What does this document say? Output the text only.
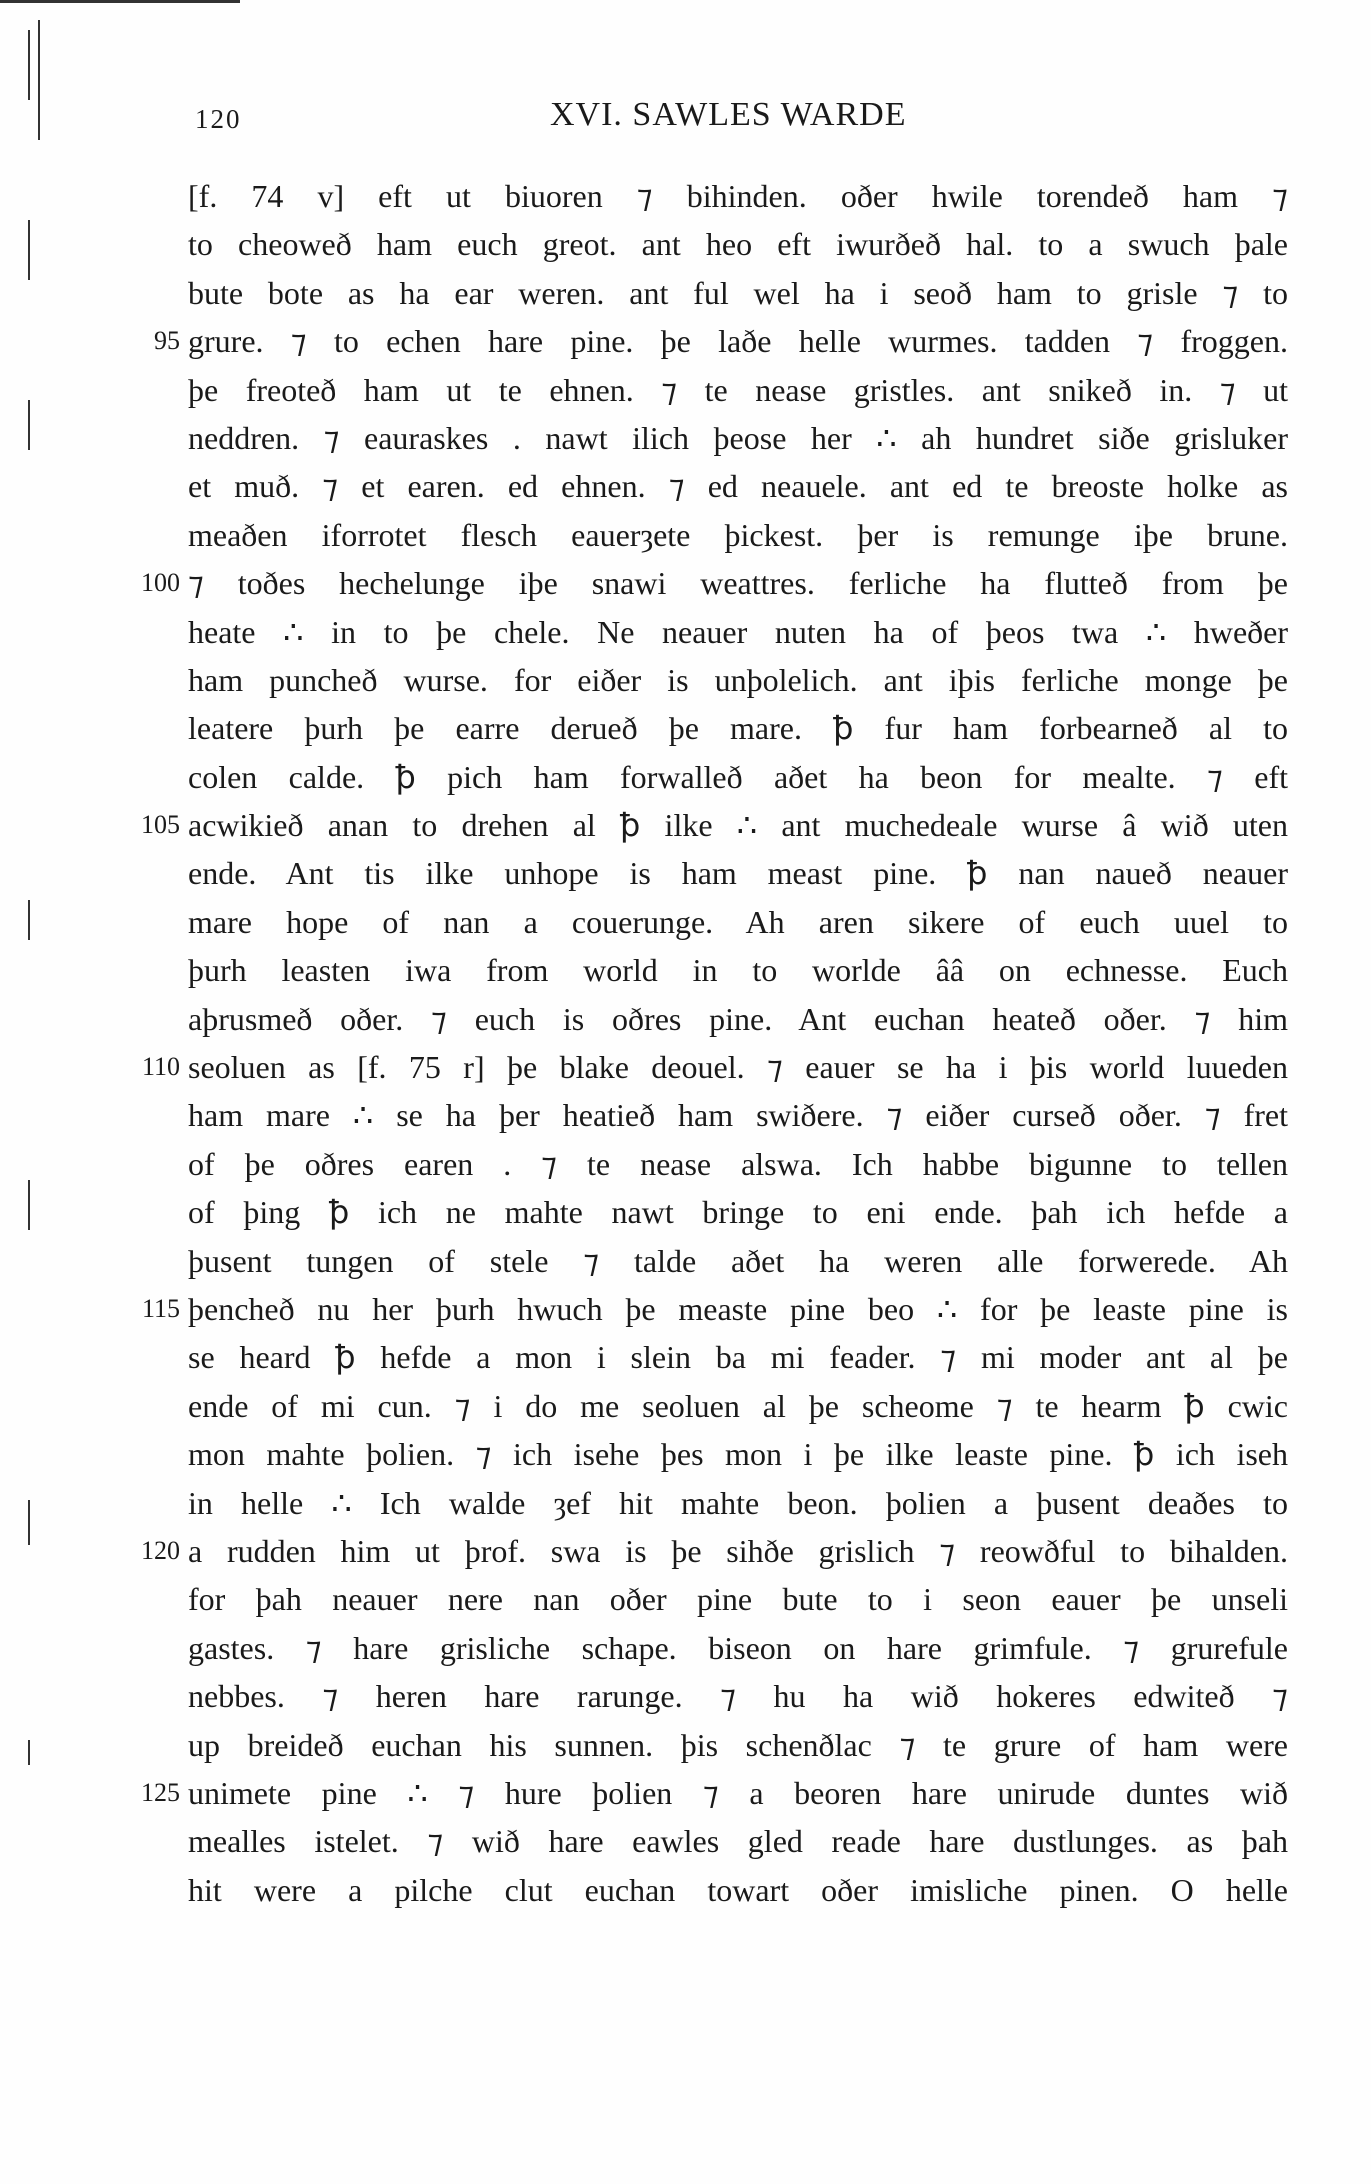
120	XVI. SAWLES WARDE
[f. 74 v] eft ut biuoren ⁊ bihinden. oðer hwile torendeð ham ⁊
to cheoweð ham euch greot. ant heo eft iwurðeð hal. to a swuch þale
bute bote as ha ear weren. ant ful wel ha i seoð ham to grisle ⁊ to
95 grure. ⁊ to echen hare pine. þe laðe helle wurmes. tadden ⁊ froggen.
þe freoteð ham ut te ehnen. ⁊ te nease gristles. ant snikeð in. ⁊ ut
neddren. ⁊ eauraskes . nawt ilich þeose her ∴ ah hundret siðe grisluker
et muð. ⁊ et earen. ed ehnen. ⁊ ed neauele. ant ed te breoste holke as
meaðen iforrotet flesch eauerȝete þickest. þer is remunge iþe brune.
100 ⁊ toðes hechelunge iþe snawi weattres. ferliche ha flutteð from þe
heate ∴ in to þe chele. Ne neauer nuten ha of þeos twa ∴ hweðer
ham puncheð wurse. for eiðer is unþolelich. ant iþis ferliche monge þe
leatere þurh þe earre derueð þe mare. ꝥ fur ham forbearneð al to
colen calde. ꝥ pich ham forwalleð aðet ha beon for mealte. ⁊ eft
105 acwikieð anan to drehen al ꝥ ilke ∴ ant muchedeale wurse â wið uten
ende. Ant tis ilke unhope is ham meast pine. ꝥ nan naueð neauer
mare hope of nan a couerunge. Ah aren sikere of euch uuel to
þurh leasten iwa from world in to worlde ââ on echnesse. Euch
aþrusmeð oðer. ⁊ euch is oðres pine. Ant euchan heateð oðer. ⁊ him
110 seoluen as [f. 75 r] þe blake deouel. ⁊ eauer se ha i þis world luueden
ham mare ∴ se ha þer heatieð ham swiðere. ⁊ eiðer curseð oðer. ⁊ fret
of þe oðres earen . ⁊ te nease alswa. Ich habbe bigunne to tellen
of þing ꝥ ich ne mahte nawt bringe to eni ende. þah ich hefde a
þusent tungen of stele ⁊ talde aðet ha weren alle forwerede. Ah
115 þencheð nu her þurh hwuch þe measte pine beo ∴ for þe leaste pine is
se heard ꝥ hefde a mon i slein ba mi feader. ⁊ mi moder ant al þe
ende of mi cun. ⁊ i do me seoluen al þe scheome ⁊ te hearm ꝥ cwic
mon mahte þolien. ⁊ ich isehe þes mon i þe ilke leaste pine. ꝥ ich iseh
in helle ∴ Ich walde ȝef hit mahte beon. þolien a þusent deaðes to
120 a rudden him ut þrof. swa is þe sihðe grislich ⁊ reowðful to bihalden.
for þah neauer nere nan oðer pine bute to i seon eauer þe unseli
gastes. ⁊ hare grisliche schape. biseon on hare grimfule. ⁊ grurefule
nebbes. ⁊ heren hare rarunge. ⁊ hu ha wið hokeres edwiteð ⁊
up breideð euchan his sunnen. þis schenðlac ⁊ te grure of ham were
125 unimete pine ∴ ⁊ hure þolien ⁊ a beoren hare unirude duntes wið
mealles istelet. ⁊ wið hare eawles gled reade hare dustlunges. as þah
hit were a pilche clut euchan towart oðer imisliche pinen. O helle
